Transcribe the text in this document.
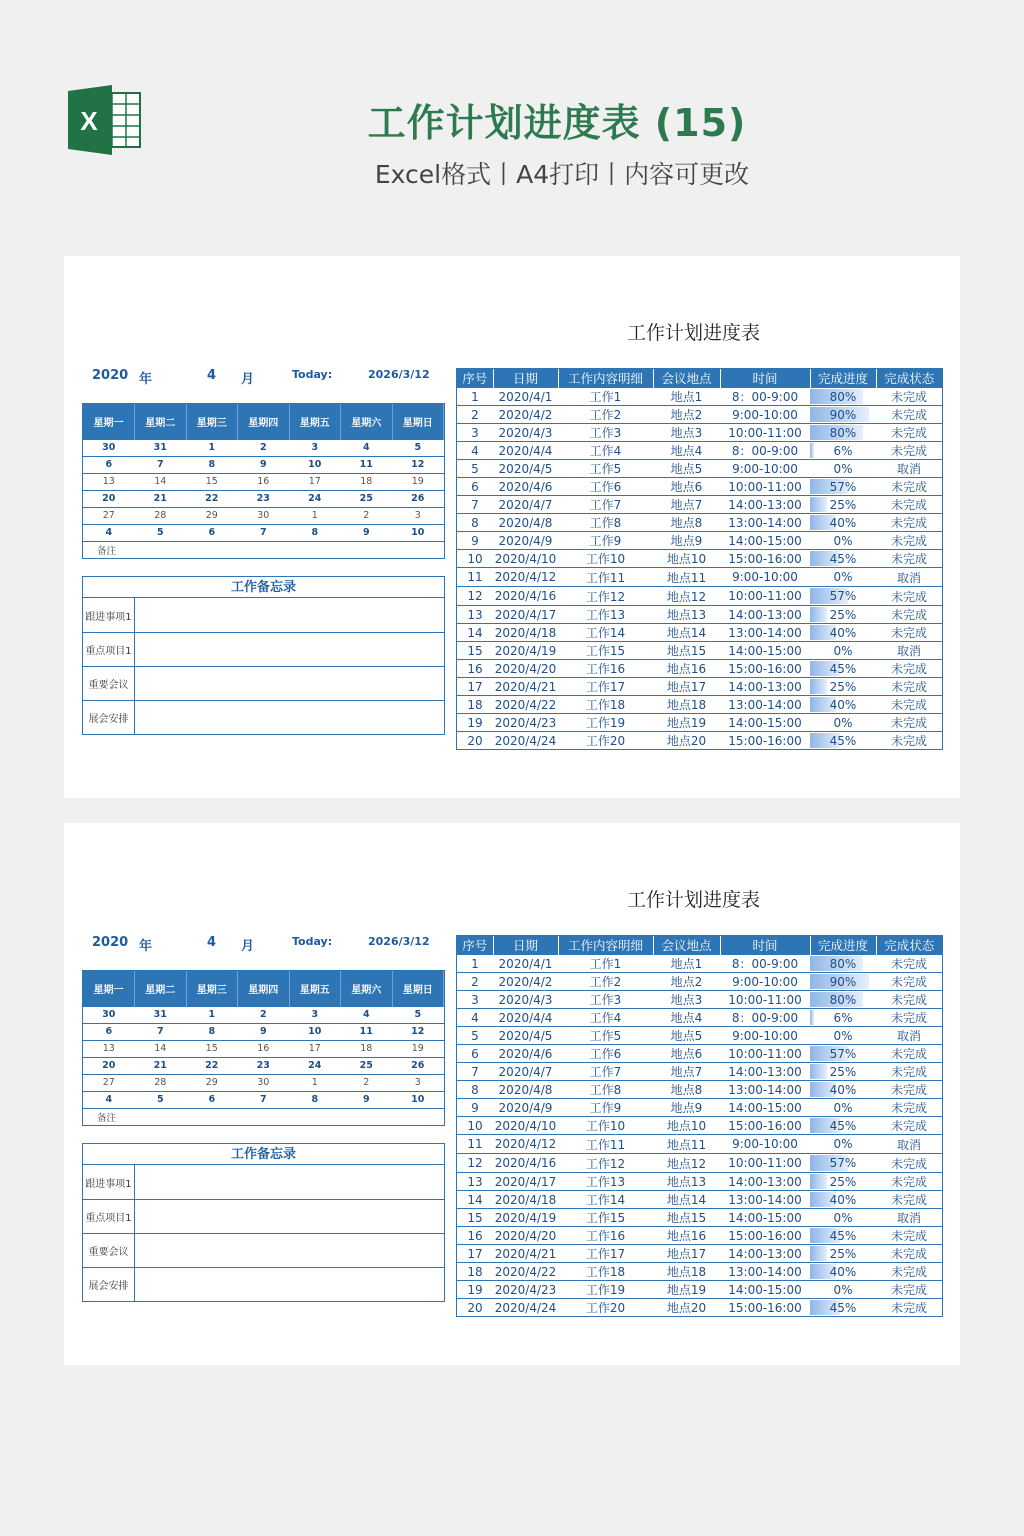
X	工作计划进度表 (15)
Excel格式丨A4打印丨内容可更改
工作计划进度表
2020 年	4 月	Today:	2026/3/12
星期一	星期二	星期三	星期四	星期五	星期六	星期日
30	31	1	2	3	4	5
6	7	8	9	10	11	12
13	14	15	16	17	18	19
20	21	22	23	24	25	26
27	28	29	30	1	2	3
4	5	6	7	8	9	10
备注						
工作备忘录
跟进事项1
重点项目1
重要会议
展会安排
序号	日期	工作内容明细	会议地点	时间	完成进度	完成状态
1	2020/4/1	工作1	地点1	8：00-9:00	80%	未完成
2	2020/4/2	工作2	地点2	9:00-10:00	90%	未完成
3	2020/4/3	工作3	地点3	10:00-11:00	80%	未完成
4	2020/4/4	工作4	地点4	8：00-9:00	6%	未完成
5	2020/4/5	工作5	地点5	9:00-10:00	0%	取消
6	2020/4/6	工作6	地点6	10:00-11:00	57%	未完成
7	2020/4/7	工作7	地点7	14:00-13:00	25%	未完成
8	2020/4/8	工作8	地点8	13:00-14:00	40%	未完成
9	2020/4/9	工作9	地点9	14:00-15:00	0%	未完成
10	2020/4/10	工作10	地点10	15:00-16:00	45%	未完成
11	2020/4/12	工作11	地点11	9:00-10:00	0%	取消
12	2020/4/16	工作12	地点12	10:00-11:00	57%	未完成
13	2020/4/17	工作13	地点13	14:00-13:00	25%	未完成
14	2020/4/18	工作14	地点14	13:00-14:00	40%	未完成
15	2020/4/19	工作15	地点15	14:00-15:00	0%	取消
16	2020/4/20	工作16	地点16	15:00-16:00	45%	未完成
17	2020/4/21	工作17	地点17	14:00-13:00	25%	未完成
18	2020/4/22	工作18	地点18	13:00-14:00	40%	未完成
19	2020/4/23	工作19	地点19	14:00-15:00	0%	未完成
20	2020/4/24	工作20	地点20	15:00-16:00	45%	未完成
工作计划进度表
2020 年	4 月	Today:	2026/3/12
星期一	星期二	星期三	星期四	星期五	星期六	星期日
30	31	1	2	3	4	5
6	7	8	9	10	11	12
13	14	15	16	17	18	19
20	21	22	23	24	25	26
27	28	29	30	1	2	3
4	5	6	7	8	9	10
备注						
工作备忘录
跟进事项1
重点项目1
重要会议
展会安排
序号	日期	工作内容明细	会议地点	时间	完成进度	完成状态
1	2020/4/1	工作1	地点1	8：00-9:00	80%	未完成
2	2020/4/2	工作2	地点2	9:00-10:00	90%	未完成
3	2020/4/3	工作3	地点3	10:00-11:00	80%	未完成
4	2020/4/4	工作4	地点4	8：00-9:00	6%	未完成
5	2020/4/5	工作5	地点5	9:00-10:00	0%	取消
6	2020/4/6	工作6	地点6	10:00-11:00	57%	未完成
7	2020/4/7	工作7	地点7	14:00-13:00	25%	未完成
8	2020/4/8	工作8	地点8	13:00-14:00	40%	未完成
9	2020/4/9	工作9	地点9	14:00-15:00	0%	未完成
10	2020/4/10	工作10	地点10	15:00-16:00	45%	未完成
11	2020/4/12	工作11	地点11	9:00-10:00	0%	取消
12	2020/4/16	工作12	地点12	10:00-11:00	57%	未完成
13	2020/4/17	工作13	地点13	14:00-13:00	25%	未完成
14	2020/4/18	工作14	地点14	13:00-14:00	40%	未完成
15	2020/4/19	工作15	地点15	14:00-15:00	0%	取消
16	2020/4/20	工作16	地点16	15:00-16:00	45%	未完成
17	2020/4/21	工作17	地点17	14:00-13:00	25%	未完成
18	2020/4/22	工作18	地点18	13:00-14:00	40%	未完成
19	2020/4/23	工作19	地点19	14:00-15:00	0%	未完成
20	2020/4/24	工作20	地点20	15:00-16:00	45%	未完成
